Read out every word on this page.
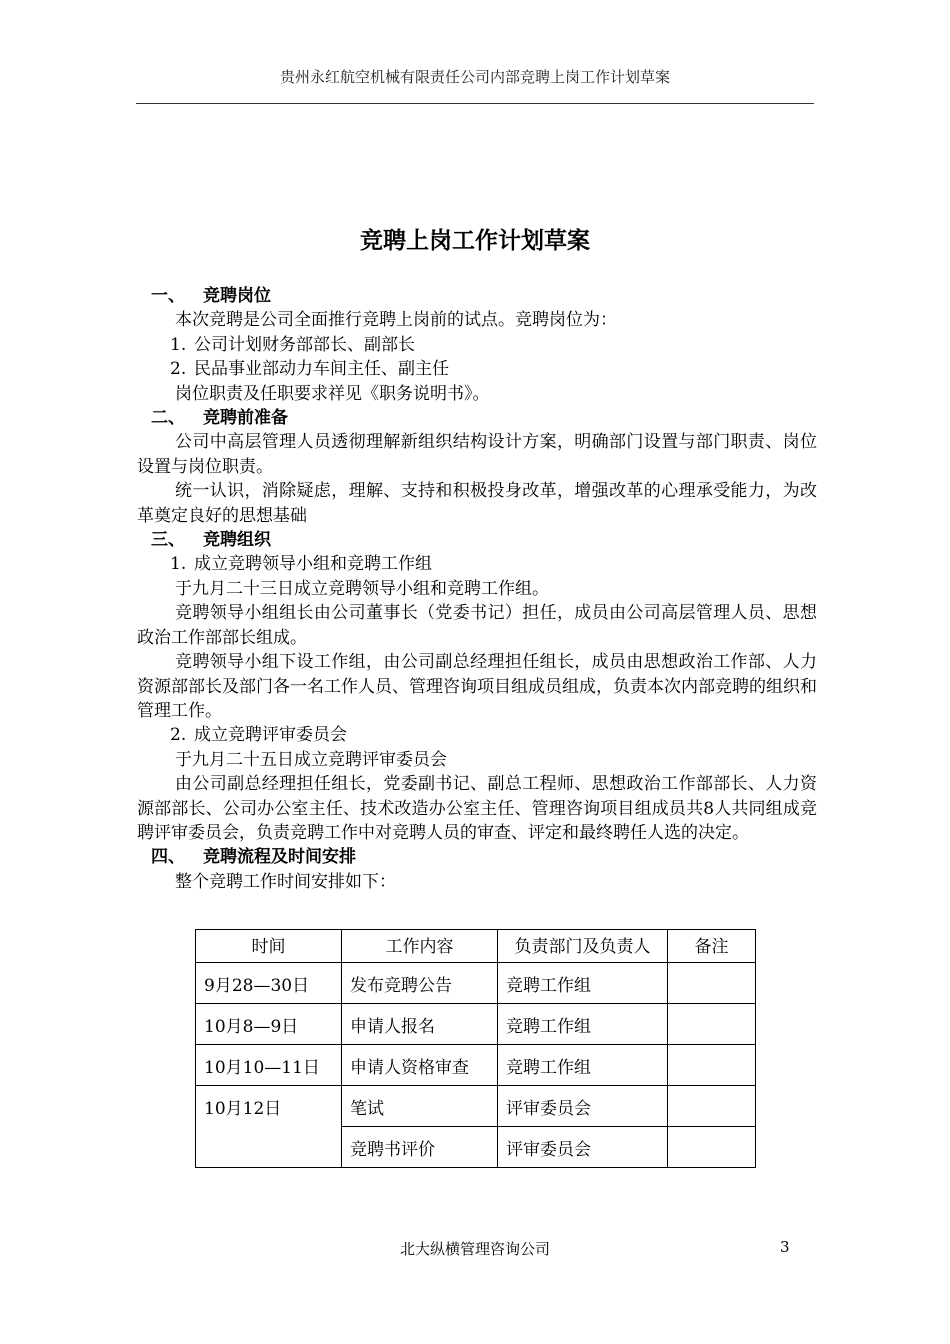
贵州永红航空机械有限责任公司内部竞聘上岗工作计划草案
竞聘上岗工作计划草案
一、 竞聘岗位

本次竞聘是公司全面推行竞聘上岗前的试点。竞聘岗位为：

1. 公司计划财务部部长、副部长
2. 民品事业部动力车间主任、副主任

岗位职责及任职要求祥见《职务说明书》。

二、 竞聘前准备

公司中高层管理人员透彻理解新组织结构设计方案，明确部门设置与部门职责、岗位设置与岗位职责。

统一认识，消除疑虑，理解、支持和积极投身改革，增强改革的心理承受能力，为改革奠定良好的思想基础

三、 竞聘组织
1. 成立竞聘领导小组和竞聘工作组

于九月二十三日成立竞聘领导小组和竞聘工作组。

竞聘领导小组组长由公司董事长（党委书记）担任，成员由公司高层管理人员、思想政治工作部部长组成。

竞聘领导小组下设工作组，由公司副总经理担任组长，成员由思想政治工作部、人力资源部部长及部门各一名工作人员、管理咨询项目组成员组成，负责本次内部竞聘的组织和管理工作。

2. 成立竞聘评审委员会

于九月二十五日成立竞聘评审委员会

由公司副总经理担任组长，党委副书记、副总工程师、思想政治工作部部长、人力资源部部长、公司办公室主任、技术改造办公室主任、管理咨询项目组成员共8人共同组成竞聘评审委员会，负责竞聘工作中对竞聘人员的审查、评定和最终聘任人选的决定。

四、 竞聘流程及时间安排

整个竞聘工作时间安排如下：

时间	工作内容	负责部门及负责人	备注
9月28—30日	发布竞聘公告	竞聘工作组	
10月8—9日	申请人报名	竞聘工作组	
10月10—11日	申请人资格审查	竞聘工作组	
10月12日	笔试	评审委员会	
	竞聘书评价	评审委员会	
北大纵横管理咨询公司	3
